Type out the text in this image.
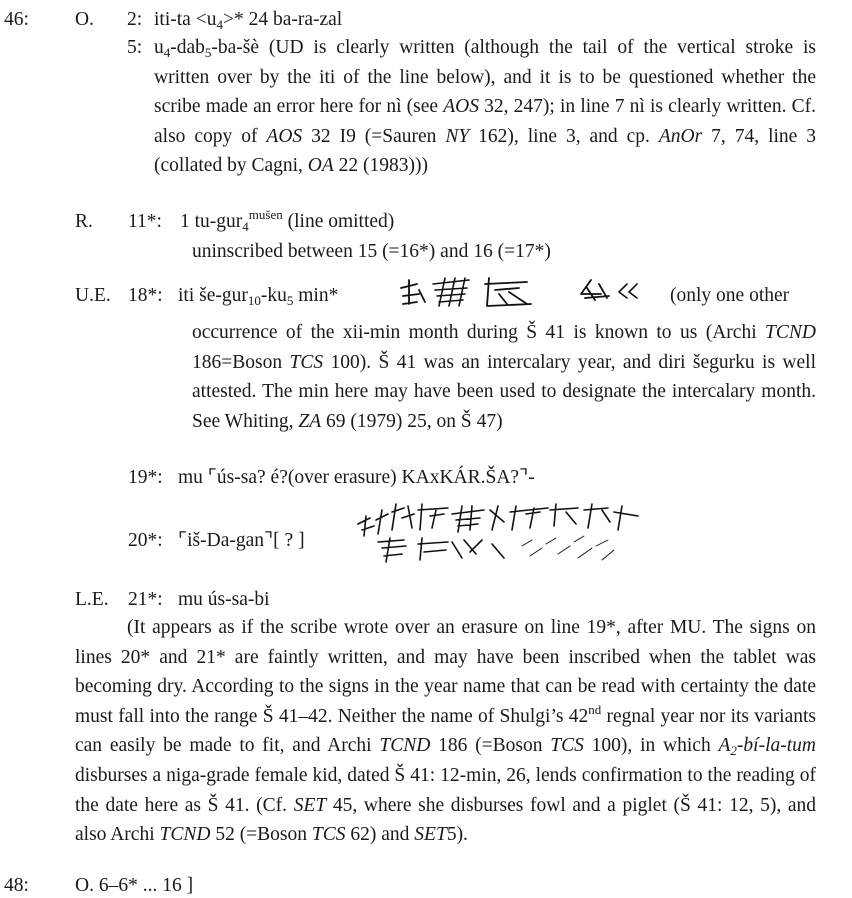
46: O. 2: $iti-ta <u_4>*$ 24 ba-ra-zal
5: $u_4-dab_5-ba-šè$ (UD is clearly written (although the tail of the vertical stroke is written over by the iti of the line below), and it is to be questioned whether the scribe made an error here for nì (see AOS 32, 247); in line 7 nì is clearly written. Cf. also copy of AOS 32 I9 (=Sauren NY 162), line 3, and cp. AnOr 7, 74, line 3 (collated by Cagni, OA 22 (1983)))
R. 11*: 1 tu-gur$_4^{mušen}$ (line omitted)
uninscribed between 15 (=16*) and 16 (=17*)
U.E. 18*: iti $še-gur_{10}-ku_5$ min*	(only one other
occurrence of the xii-min month during Š 41 is known to us (Archi TCND 186=Boson TCS 100). Š 41 was an intercalary year, and diri šegurku is well attested. The min here may have been used to designate the intercalary month. See Whiting, ZA 69 (1979) 25, on Š 47)
19*: mu ⌜ús-sa? é?(over erasure) KAxKÁR.ŠA?⌝-
20*: ⌜iš-Da-gan⌝[ ? ]
L.E. 21*: mu ús-sa-bi
(It appears as if the scribe wrote over an erasure on line 19*, after MU. The signs on lines 20* and 21* are faintly written, and may have been inscribed when the tablet was becoming dry. According to the signs in the year name that can be read with certainty the date must fall into the range Š 41–42. Neither the name of Shulgi’s 42nd regnal year nor its variants can easily be made to fit, and Archi TCND 186 (=Boson TCS 100), in which $A_2-bí-la$-tum disburses a niga-grade female kid, dated Š 41: 12-min, 26, lends confirmation to the reading of the date here as Š 41. (Cf. SET 45, where she disburses fowl and a piglet (Š 41: 12, 5), and also Archi TCND 52 (=Boson TCS 62) and SET5).
48: O. 6–6* ... 16 ]
